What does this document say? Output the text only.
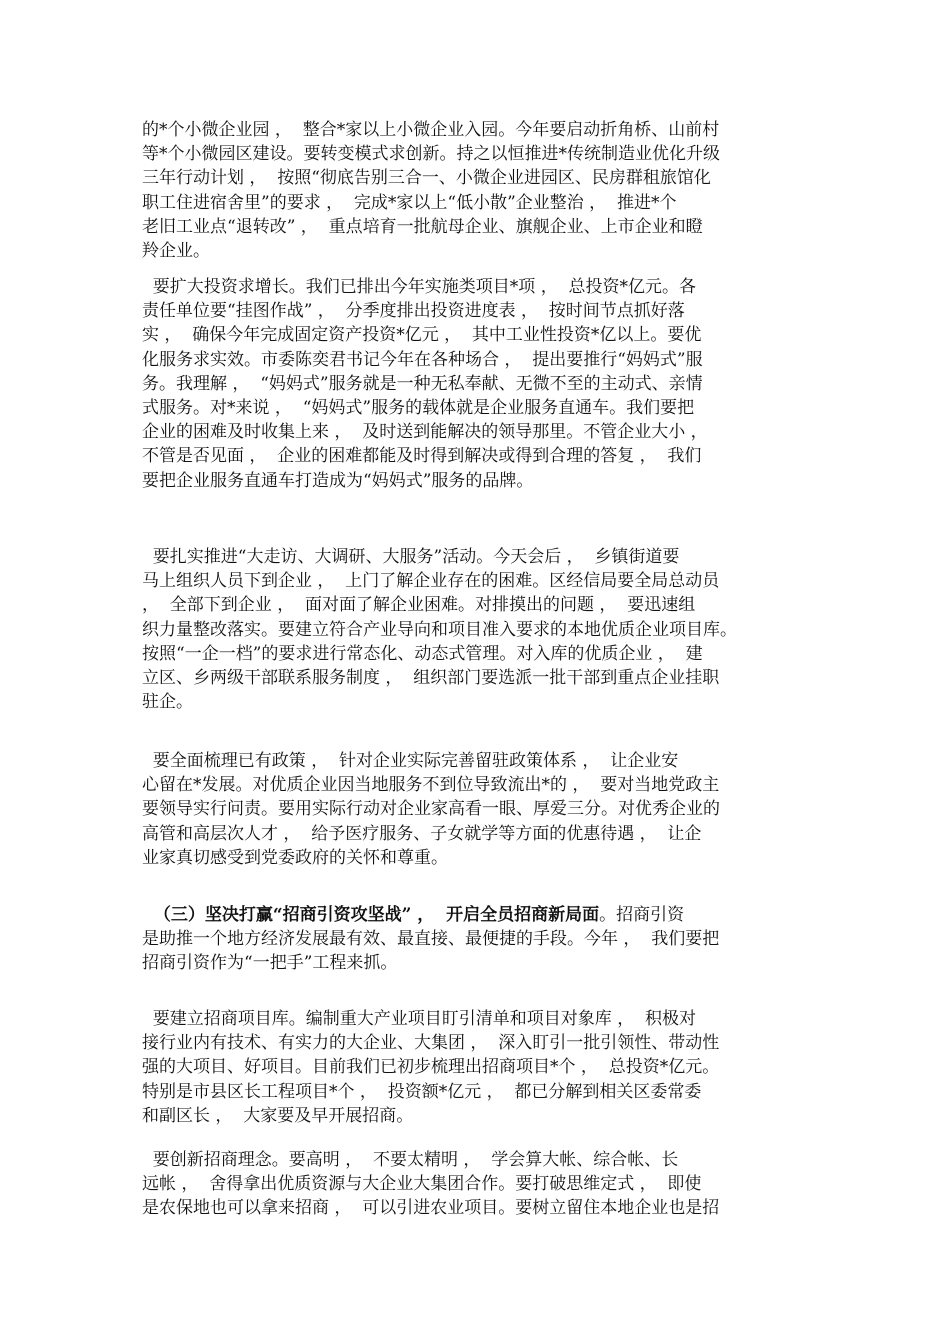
的*个小微企业园 ，  整合*家以上小微企业入园。今年要启动折角桥、山前村
等*个小微园区建设。要转变模式求创新。持之以恒推进*传统制造业优化升级
三年行动计划 ，  按照“彻底告别三合一、小微企业进园区、民房群租旅馆化
职工住进宿舍里”的要求 ，  完成*家以上“低小散”企业整治 ，  推进*个
老旧工业点“退转改” ，  重点培育一批航母企业、旗舰企业、上市企业和瞪
羚企业。
要扩大投资求增长。我们已排出今年实施类项目*项 ，  总投资*亿元。各
责任单位要“挂图作战” ，  分季度排出投资进度表 ，  按时间节点抓好落
实 ，  确保今年完成固定资产投资*亿元 ，  其中工业性投资*亿以上。要优
化服务求实效。市委陈奕君书记今年在各种场合 ，  提出要推行“妈妈式”服
务。我理解 ，  “妈妈式”服务就是一种无私奉献、无微不至的主动式、亲情
式服务。对*来说 ，  “妈妈式”服务的载体就是企业服务直通车。我们要把
企业的困难及时收集上来 ，  及时送到能解决的领导那里。不管企业大小 ，
不管是否见面 ，  企业的困难都能及时得到解决或得到合理的答复 ，  我们
要把企业服务直通车打造成为“妈妈式”服务的品牌。
要扎实推进“大走访、大调研、大服务”活动。今天会后 ，  乡镇街道要
马上组织人员下到企业 ，  上门了解企业存在的困难。区经信局要全局总动员
，  全部下到企业 ，  面对面了解企业困难。对排摸出的问题 ，  要迅速组
织力量整改落实。要建立符合产业导向和项目准入要求的本地优质企业项目库。
按照“一企一档”的要求进行常态化、动态式管理。对入库的优质企业 ，  建
立区、乡两级干部联系服务制度 ，  组织部门要选派一批干部到重点企业挂职
驻企。
要全面梳理已有政策 ，  针对企业实际完善留驻政策体系 ，  让企业安
心留在*发展。对优质企业因当地服务不到位导致流出*的 ，  要对当地党政主
要领导实行问责。要用实际行动对企业家高看一眼、厚爱三分。对优秀企业的
高管和高层次人才 ，  给予医疗服务、子女就学等方面的优惠待遇 ，  让企
业家真切感受到党委政府的关怀和尊重。
（三）坚决打赢“招商引资攻坚战” ，  开启全员招商新局面。招商引资
是助推一个地方经济发展最有效、最直接、最便捷的手段。今年 ，  我们要把
招商引资作为“一把手”工程来抓。
要建立招商项目库。编制重大产业项目盯引清单和项目对象库 ，  积极对
接行业内有技术、有实力的大企业、大集团 ，  深入盯引一批引领性、带动性
强的大项目、好项目。目前我们已初步梳理出招商项目*个 ，  总投资*亿元。
特别是市县区长工程项目*个 ，  投资额*亿元 ，  都已分解到相关区委常委
和副区长 ，  大家要及早开展招商。
要创新招商理念。要高明 ，  不要太精明 ，  学会算大帐、综合帐、长
远帐 ，  舍得拿出优质资源与大企业大集团合作。要打破思维定式 ，  即使
是农保地也可以拿来招商 ，  可以引进农业项目。要树立留住本地企业也是招
